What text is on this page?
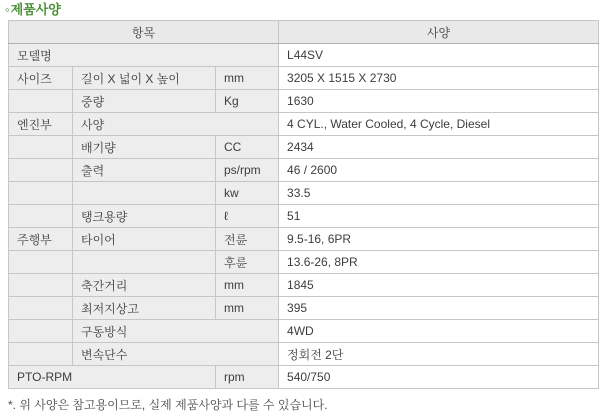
◦제품사양
항목			사양
모델명			L44SV
사이즈	길이 X 넓이 X 높이	mm	3205 X 1515 X 2730
	중량	Kg	1630
엔진부	사양		4 CYL., Water Cooled, 4 Cycle, Diesel
	배기량	CC	2434
	출력	ps/rpm	46 / 2600
		kw	33.5
	탱크용량	ℓ	51
주행부	타이어	전륜	9.5-16, 6PR
		후륜	13.6-26, 8PR
	축간거리	mm	1845
	최저지상고	mm	395
	구동방식		4WD
	변속단수		정회전 2단
PTO-RPM		rpm	540/750
*. 위 사양은 참고용이므로, 실제 제품사양과 다를 수 있습니다.
